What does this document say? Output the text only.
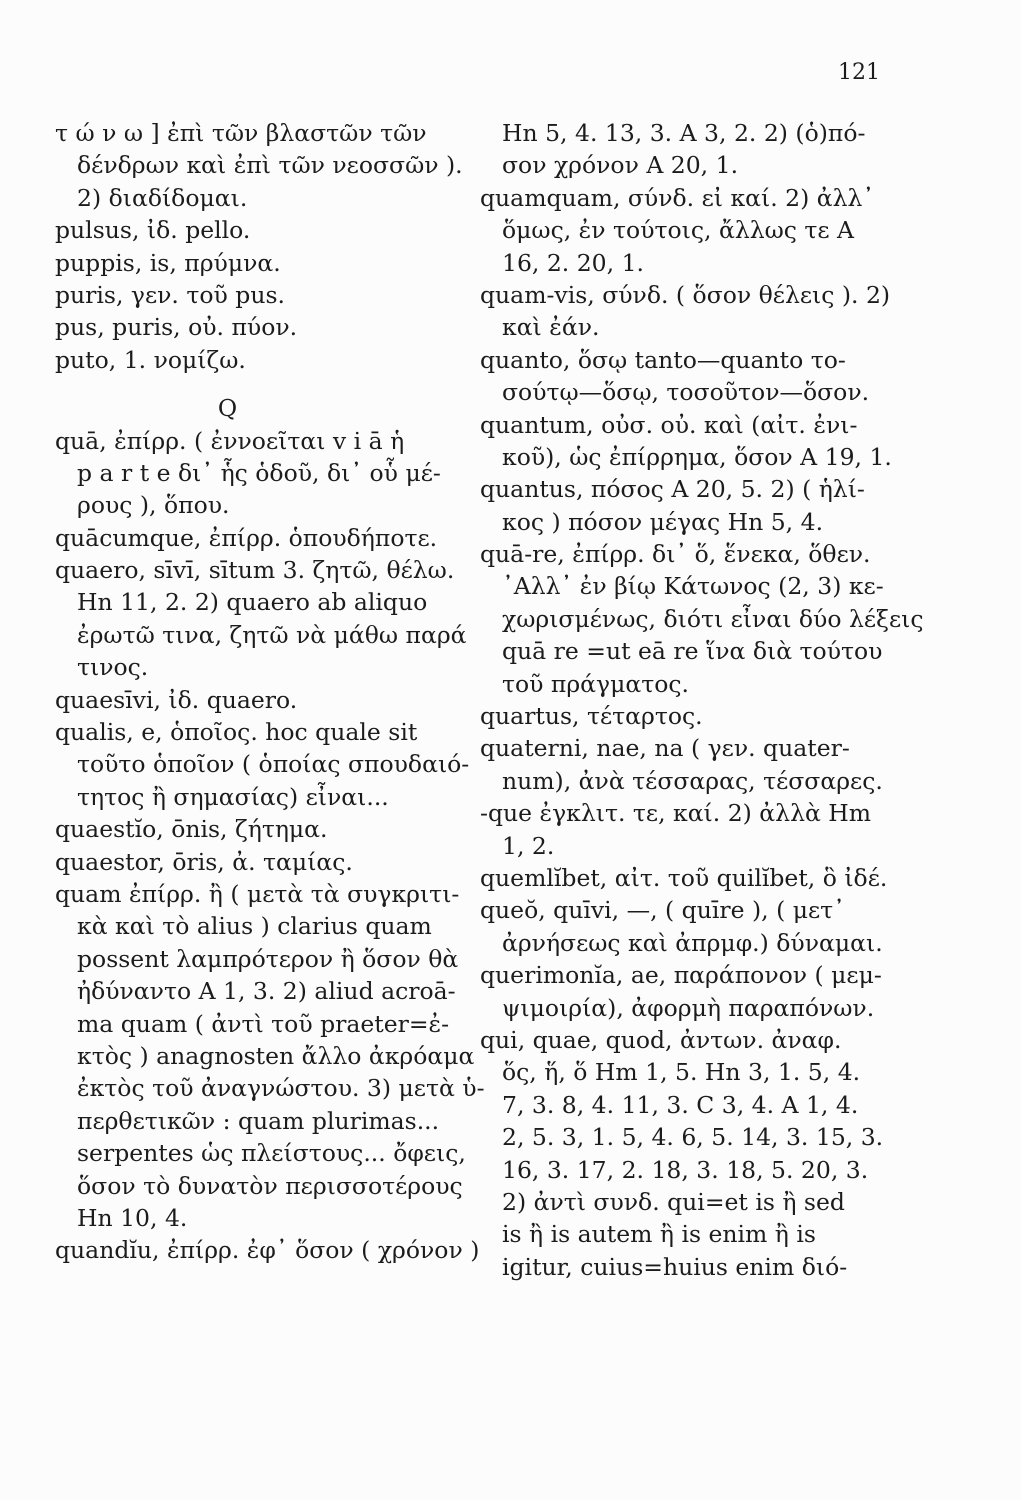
121
τ ώ ν ω ] ἐπὶ τῶν βλαστῶν τῶν
δένδρων καὶ ἐπὶ τῶν νεοσσῶν ).
2) διαδίδομαι.
pulsus, ἰδ. pello.
puppis, is, πρύμνα.
puris, γεν. τοῦ pus.
pus, puris, οὐ. πύον.
puto, 1. νομίζω.
Q
quā, ἐπίρρ. ( ἐννοεῖται v i ā ἡ
p a r t e δι᾽ ἧς ὁδοῦ, δι᾽ οὗ μέ-
ρους ), ὅπου.
quācumque, ἐπίρρ. ὁπουδήποτε.
quaero, sīvī, sītum 3. ζητῶ, θέλω.
Hn 11, 2. 2) quaero ab aliquo
ἐρωτῶ τινα, ζητῶ νὰ μάθω παρά
τινος.
quaesīvi, ἰδ. quaero.
qualis, e, ὁποῖος. hoc quale sit
τοῦτο ὁποῖον ( ὁποίας σπουδαιό-
τητος ἢ σημασίας) εἶναι...
quaestĭo, ōnis, ζήτημα.
quaestor, ōris, ἀ. ταμίας.
quam ἐπίρρ. ἢ ( μετὰ τὰ συγκριτι-
κὰ καὶ τὸ alius ) clarius quam
possent λαμπρότερον ἢ ὅσον θὰ
ἠδύναντο A 1, 3. 2) aliud acroā-
ma quam ( ἀντὶ τοῦ praeter=ἐ-
κτὸς ) anagnosten ἄλλο ἀκρόαμα
ἐκτὸς τοῦ ἀναγνώστου. 3) μετὰ ὑ-
περθετικῶν : quam plurimas...
serpentes ὡς πλείστους... ὄφεις,
ὅσον τὸ δυνατὸν περισσοτέρους
Hn 10, 4.
quandĭu, ἐπίρρ. ἐφ᾽ ὅσον ( χρόνον )
Hn 5, 4. 13, 3. A 3, 2. 2) (ὁ)πό-
σον χρόνον A 20, 1.
quamquam, σύνδ. εἰ καί. 2) ἀλλ᾽
ὅμως, ἐν τούτοις, ἄλλως τε A
16, 2. 20, 1.
quam-vis, σύνδ. ( ὅσον θέλεις ). 2)
καὶ ἐάν.
quanto, ὅσῳ tanto—quanto το-
σούτῳ—ὅσῳ, τοσοῦτον—ὅσον.
quantum, οὐσ. οὐ. καὶ (αἰτ. ἐνι-
κοῦ), ὡς ἐπίρρημα, ὅσον A 19, 1.
quantus, πόσος A 20, 5. 2) ( ἡλί-
κος ) πόσον μέγας Hn 5, 4.
quā-re, ἐπίρρ. δι᾽ ὅ, ἕνεκα, ὅθεν.
᾽Αλλ᾽ ἐν βίῳ Κάτωνος (2, 3) κε-
χωρισμένως, διότι εἶναι δύο λέξεις
quā re =ut eā re ἵνα διὰ τούτου
τοῦ πράγματος.
quartus, τέταρτος.
quaterni, nae, na ( γεν. quater-
num), ἀνὰ τέσσαρας, τέσσαρες.
-que ἐγκλιτ. τε, καί. 2) ἀλλὰ Hm
1, 2.
quemlĭbet, αἰτ. τοῦ quilĭbet, ὃ ἰδέ.
queŏ, quīvi, —, ( quīre ), ( μετ᾽
ἀρνήσεως καὶ ἀπρμφ.) δύναμαι.
querimonĭa, ae, παράπονον ( μεμ-
ψιμοιρία), ἀφορμὴ παραπόνων.
qui, quae, quod, ἀντων. ἀναφ.
ὅς, ἥ, ὅ Hm 1, 5. Hn 3, 1. 5, 4.
7, 3. 8, 4. 11, 3. C 3, 4. A 1, 4.
2, 5. 3, 1. 5, 4. 6, 5. 14, 3. 15, 3.
16, 3. 17, 2. 18, 3. 18, 5. 20, 3.
2) ἀντὶ συνδ. qui=et is ἢ sed
is ἢ is autem ἢ is enim ἢ is
igitur, cuius=huius enim διό-
